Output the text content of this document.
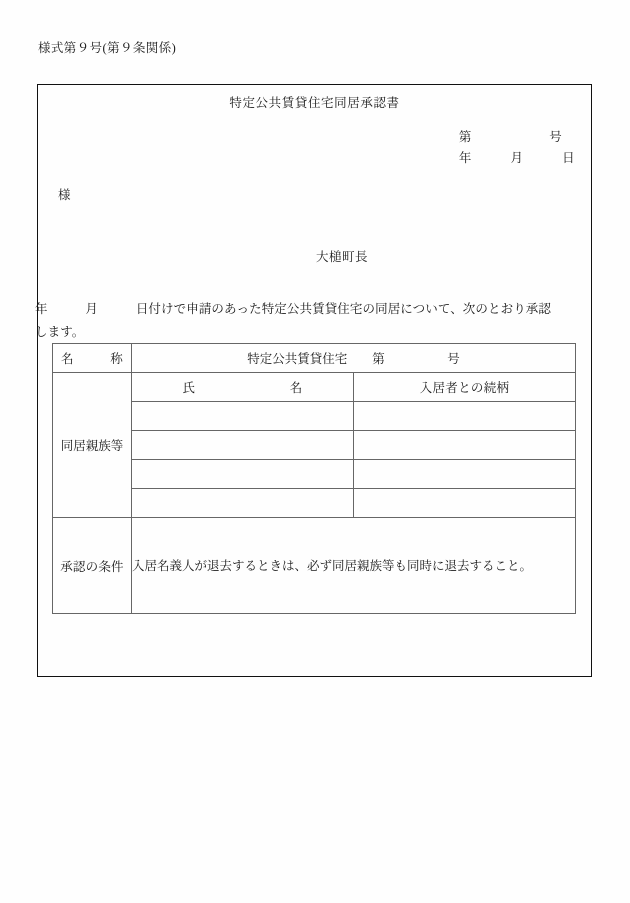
様式第９号(第９条関係)
特定公共賃貸住宅同居承認書
第　　　　　　号
年　　　月　　　日
様
大槌町長
年　　　月　　　日付けで申請のあった特定公共賃貸住宅の同居について、次のとおり承認
します。
名称	特定公共賃貸住宅　　第　　　　　号	
同居親族等	氏名	入居者との続柄

承認の条件	入居名義人が退去するときは、必ず同居親族等も同時に退去すること。	
